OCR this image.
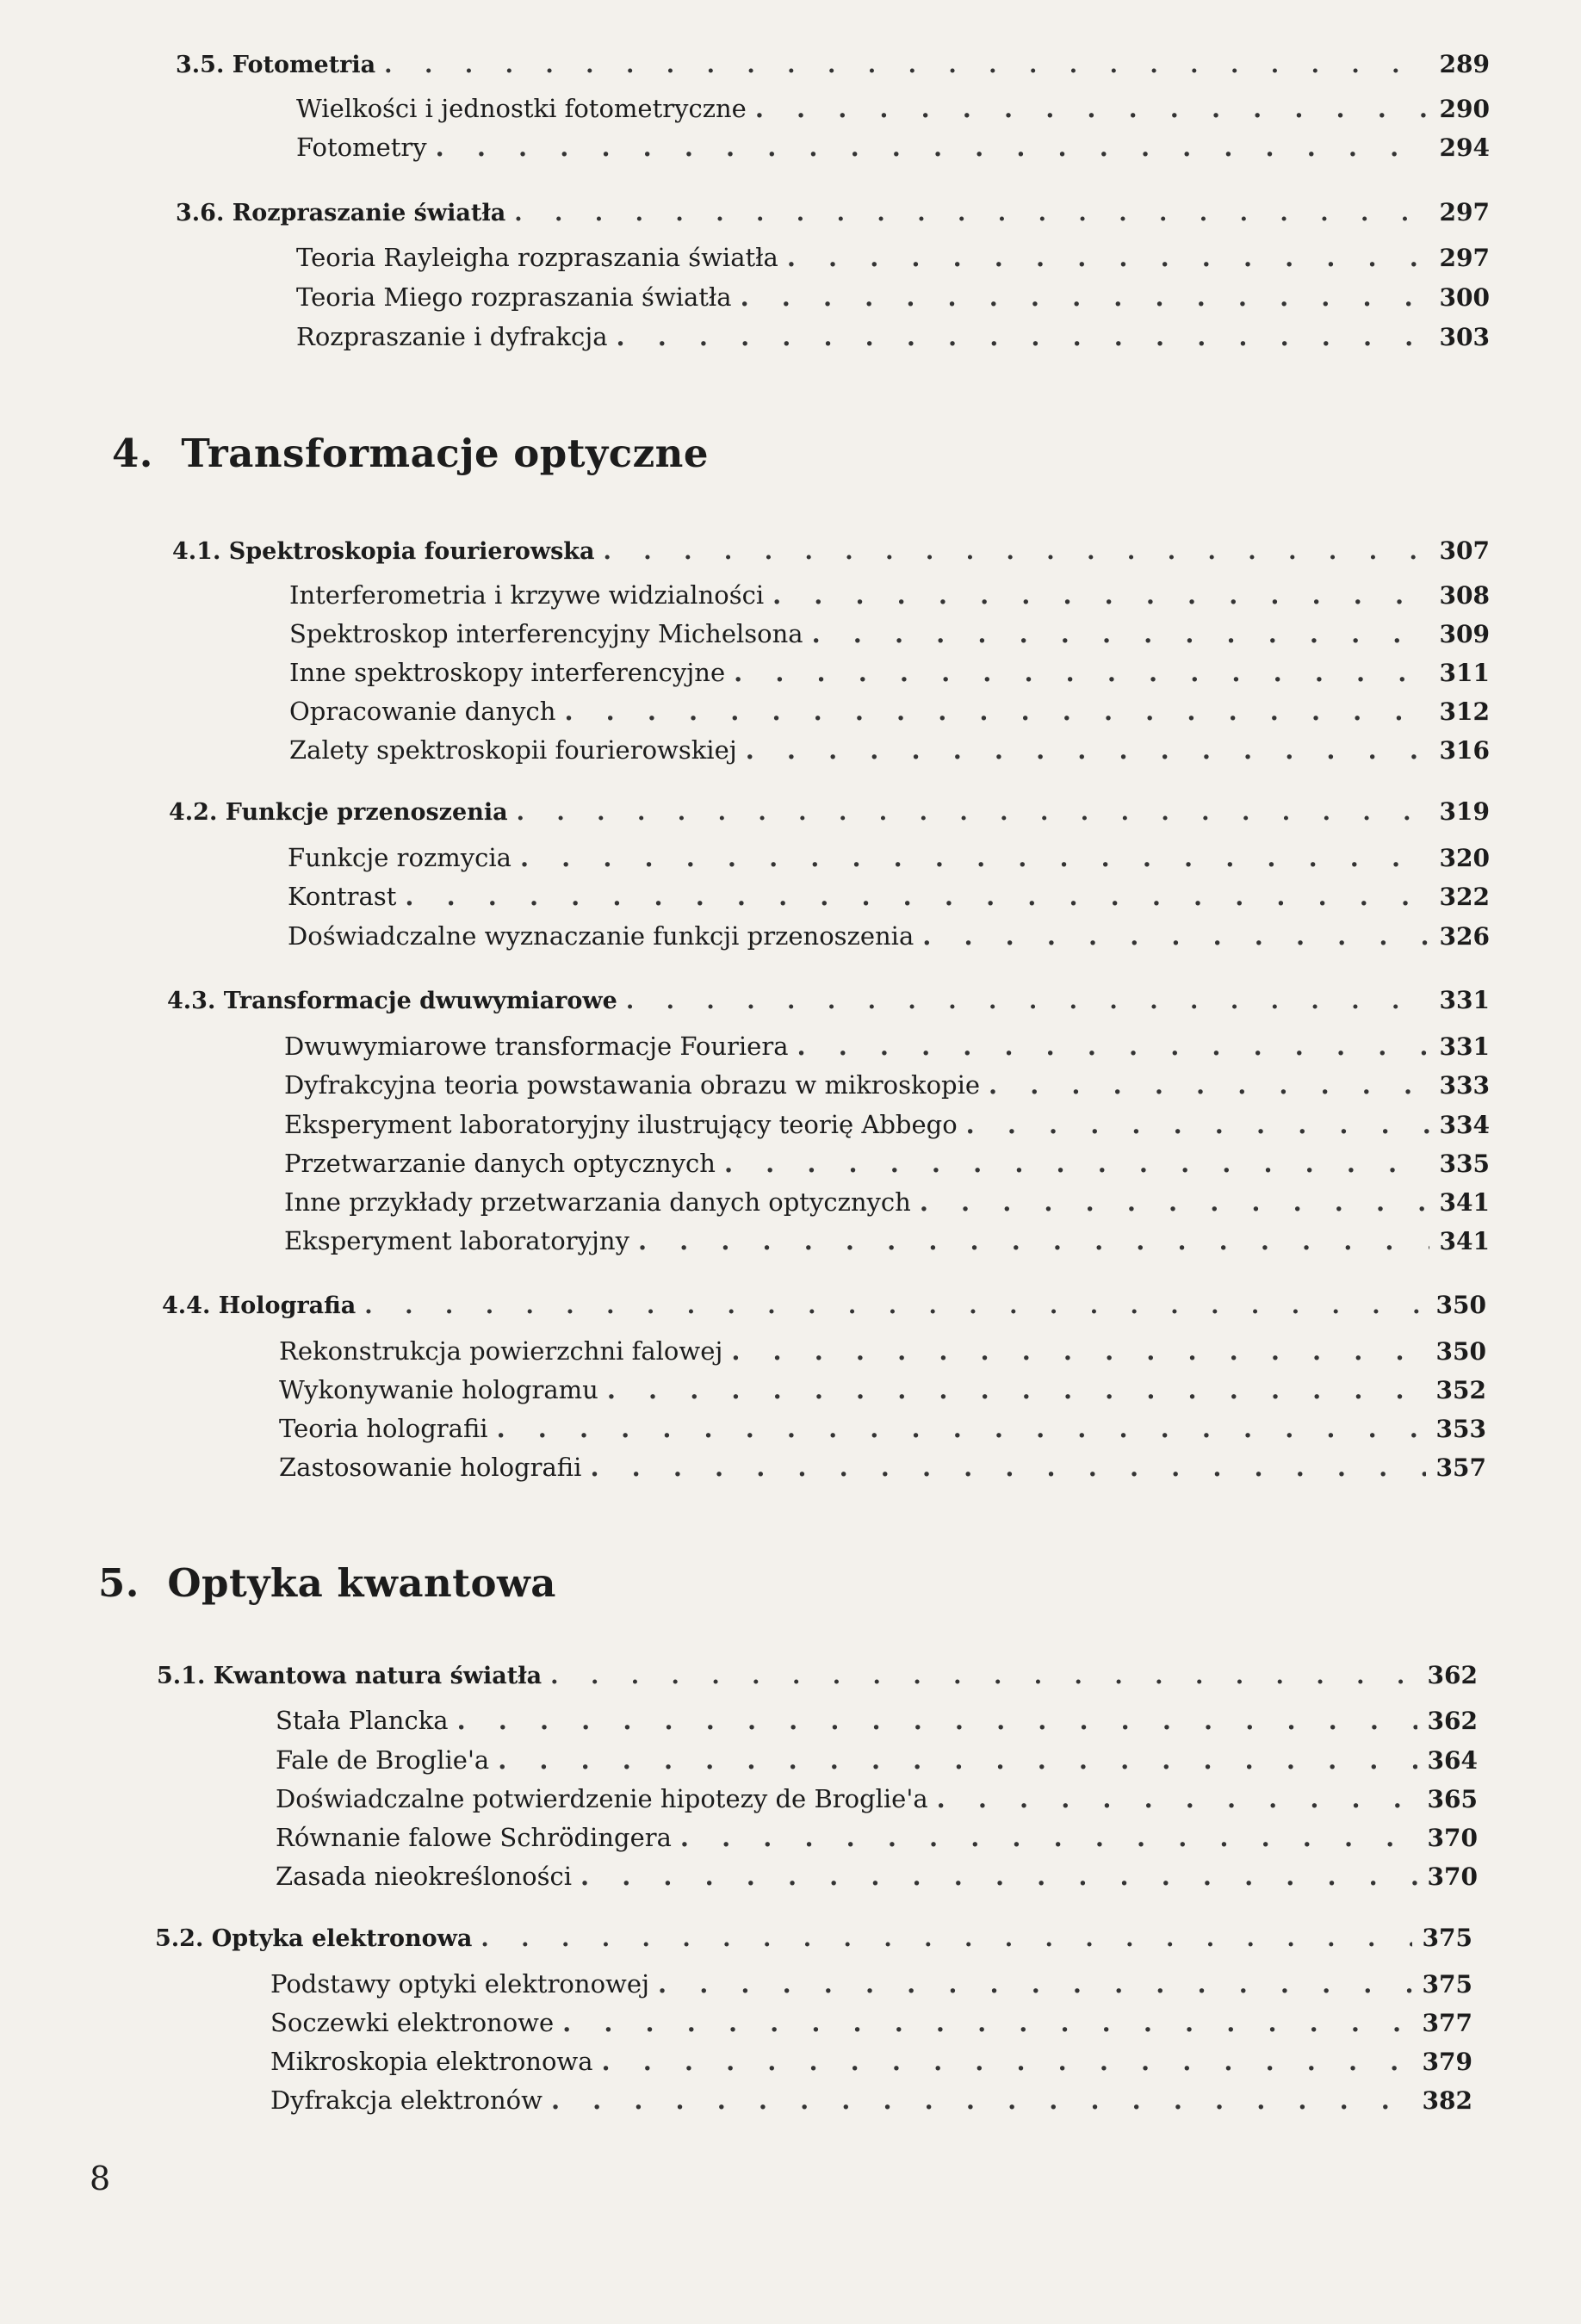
3.5. Fotometria . . .	289
Wielkości i jednostki fotometryczne . . .	290
Fotometry . . .	294
3.6. Rozpraszanie światła . . .	297
Teoria Rayleigha rozpraszania światła . . .	297
Teoria Miego rozpraszania światła . . .	300
Rozpraszanie i dyfrakcja . . .	303
4. Transformacje optyczne
4.1. Spektroskopia fourierowska . . .	307
Interferometria i krzywe widzialności . . .	308
Spektroskop interferencyjny Michelsona . . .	309
Inne spektroskopy interferencyjne . . .	311
Opracowanie danych . . .	312
Zalety spektroskopii fourierowskiej . . .	316
4.2. Funkcje przenoszenia . . .	319
Funkcje rozmycia . . .	320
Kontrast . . .	322
Doświadczalne wyznaczanie funkcji przenoszenia . . .	326
4.3. Transformacje dwuwymiarowe . . .	331
Dwuwymiarowe transformacje Fouriera . . .	331
Dyfrakcyjna teoria powstawania obrazu w mikroskopie . . .	333
Eksperyment laboratoryjny ilustrujący teorię Abbego . . .	334
Przetwarzanie danych optycznych . . .	335
Inne przykłady przetwarzania danych optycznych . . .	341
Eksperyment laboratoryjny . . .	341
4.4. Holografia . . .	350
Rekonstrukcja powierzchni falowej . . .	350
Wykonywanie hologramu . . .	352
Teoria holografii . . .	353
Zastosowanie holografii . . .	357
5. Optyka kwantowa
5.1. Kwantowa natura światła . . .	362
Stała Plancka . . .	362
Fale de Broglie'a . . .	364
Doświadczalne potwierdzenie hipotezy de Broglie'a . . .	365
Równanie falowe Schrödingera . . .	370
Zasada nieokreśloności . . .	370
5.2. Optyka elektronowa . . .	375
Podstawy optyki elektronowej . . .	375
Soczewki elektronowe . . .	377
Mikroskopia elektronowa . . .	379
Dyfrakcja elektronów . . .	382
8
